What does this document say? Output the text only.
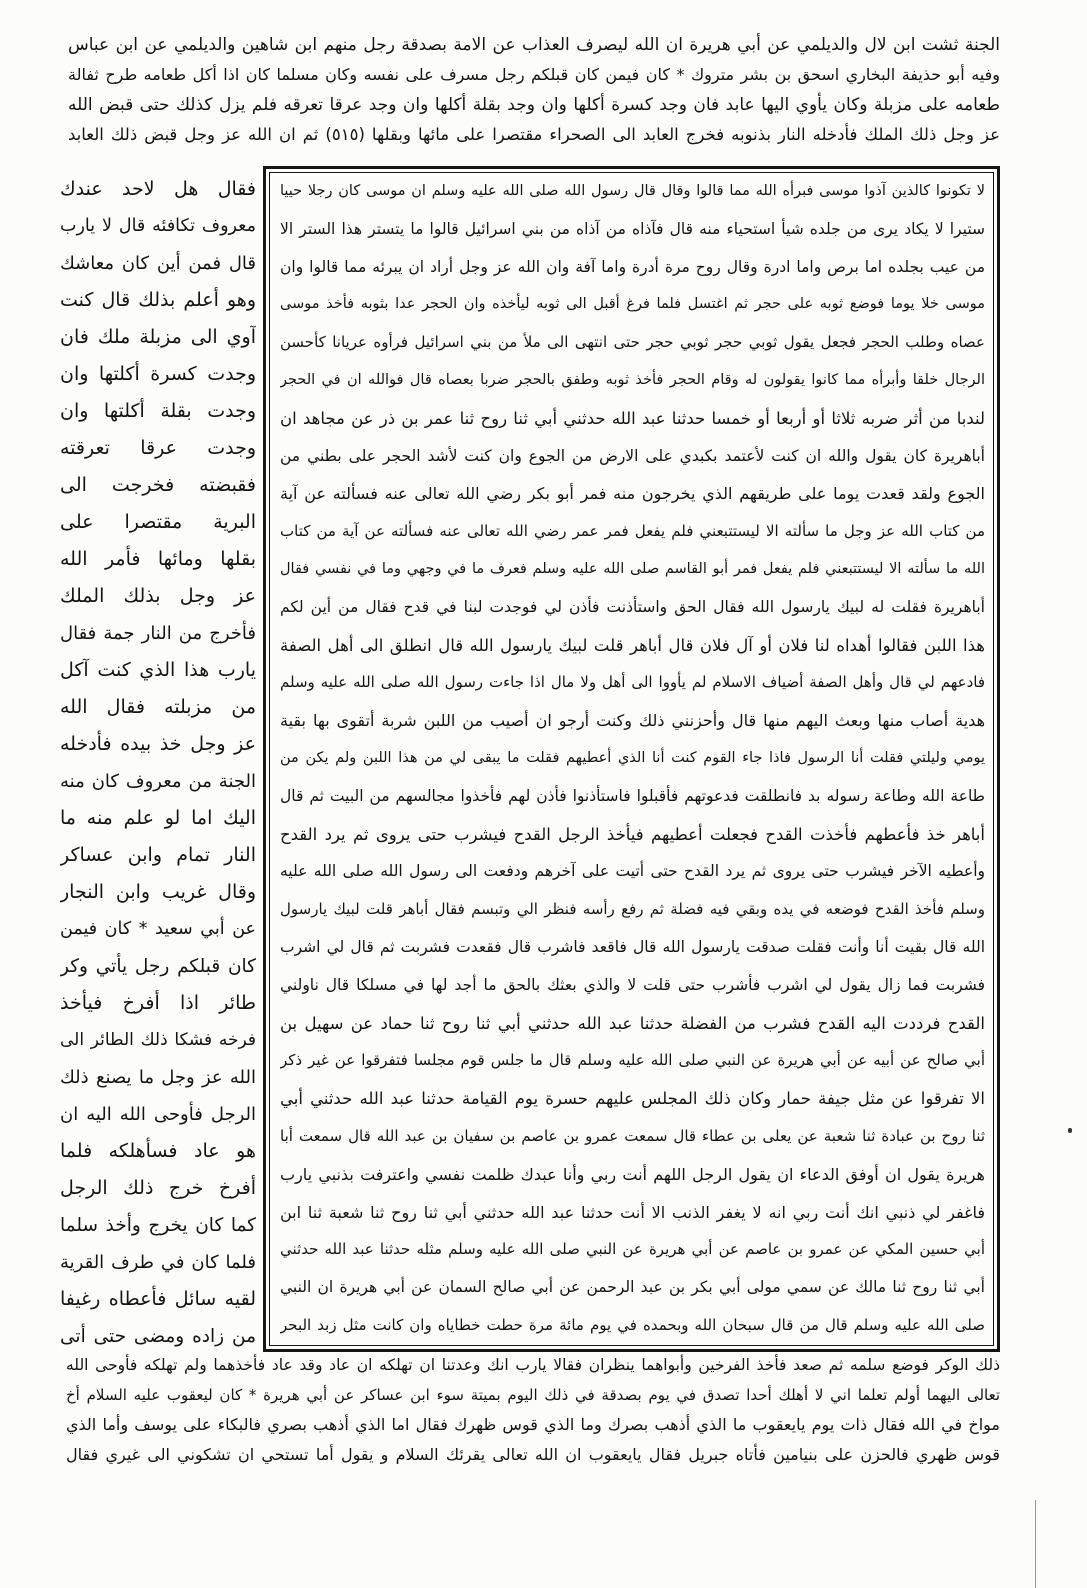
الجنة ثشت ابن لال والديلمي عن أبي هريرة ان الله ليصرف العذاب عن الامة بصدقة رجل منهم ابن شاهين والديلمي عن ابن عباس
وفيه أبو حذيفة البخاري اسحق بن بشر متروك * كان فيمن كان قبلكم رجل مسرف على نفسه وكان مسلما كان اذا أكل طعامه طرح ثفالة
طعامه على مزبلة وكان يأوي اليها عابد فان وجد كسرة أكلها وان وجد بقلة أكلها وان وجد عرقا تعرقه فلم يزل كذلك حتى قبض الله
عز وجل ذلك الملك فأدخله النار بذنوبه فخرج العابد الى الصحراء مقتصرا على مائها وبقلها (٥١٥) ثم ان الله عز وجل قبض ذلك العابد
لا تكونوا كالذين آذوا موسى فبرأه الله مما قالوا وقال قال رسول الله صلى الله عليه وسلم ان موسى كان رجلا حييا
ستيرا لا يكاد يرى من جلده شيأ استحياء منه قال فآذاه من آذاه من بني اسرائيل قالوا ما يتستر هذا الستر الا
من عيب بجلده اما برص واما ادرة وقال روح مرة أدرة واما آفة وان الله عز وجل أراد ان يبرئه مما قالوا وان
موسى خلا يوما فوضع ثوبه على حجر ثم اغتسل فلما فرغ أقبل الى ثوبه ليأخذه وان الحجر عدا بثوبه فأخذ موسى
عصاه وطلب الحجر فجعل يقول ثوبي حجر ثوبي حجر حتى انتهى الى ملأ من بني اسرائيل فرأوه عريانا كأحسن
الرجال خلقا وأبرأه مما كانوا يقولون له وقام الحجر فأخذ ثوبه وطفق بالحجر ضربا بعصاه قال فوالله ان في الحجر
لندبا من أثر ضربه ثلاثا أو أربعا أو خمسا حدثنا عبد الله حدثني أبي ثنا روح ثنا عمر بن ذر عن مجاهد ان
أباهريرة كان يقول والله ان كنت لأعتمد بكبدي على الارض من الجوع وان كنت لأشد الحجر على بطني من
الجوع ولقد قعدت يوما على طريقهم الذي يخرجون منه فمر أبو بكر رضي الله تعالى عنه فسألته عن آية
من كتاب الله عز وجل ما سألته الا ليستتبعني فلم يفعل فمر عمر رضي الله تعالى عنه فسألته عن آية من كتاب
الله ما سألته الا ليستتبعني فلم يفعل فمر أبو القاسم صلى الله عليه وسلم فعرف ما في وجهي وما في نفسي فقال
أباهريرة فقلت له لبيك يارسول الله فقال الحق واستأذنت فأذن لي فوجدت لبنا في قدح فقال من أين لكم
هذا اللبن فقالوا أهداه لنا فلان أو آل فلان قال أباهر قلت لبيك يارسول الله قال انطلق الى أهل الصفة
فادعهم لي قال وأهل الصفة أضياف الاسلام لم يأووا الى أهل ولا مال اذا جاءت رسول الله صلى الله عليه وسلم
هدية أصاب منها وبعث اليهم منها قال وأحزنني ذلك وكنت أرجو ان أصيب من اللبن شربة أتقوى بها بقية
يومي وليلتي فقلت أنا الرسول فاذا جاء القوم كنت أنا الذي أعطيهم فقلت ما يبقى لي من هذا اللبن ولم يكن من
طاعة الله وطاعة رسوله بد فانطلقت فدعوتهم فأقبلوا فاستأذنوا فأذن لهم فأخذوا مجالسهم من البيت ثم قال
أباهر خذ فأعطهم فأخذت القدح فجعلت أعطيهم فيأخذ الرجل القدح فيشرب حتى يروى ثم يرد القدح
وأعطيه الآخر فيشرب حتى يروى ثم يرد القدح حتى أتيت على آخرهم ودفعت الى رسول الله صلى الله عليه
وسلم فأخذ القدح فوضعه في يده وبقي فيه فضلة ثم رفع رأسه فنظر الي وتبسم فقال أباهر قلت لبيك يارسول
الله قال بقيت أنا وأنت فقلت صدقت يارسول الله قال فاقعد فاشرب قال فقعدت فشربت ثم قال لي اشرب
فشربت فما زال يقول لي اشرب فأشرب حتى قلت لا والذي بعثك بالحق ما أجد لها في مسلكا قال ناولني
القدح فرددت اليه القدح فشرب من الفضلة حدثنا عبد الله حدثني أبي ثنا روح ثنا حماد عن سهيل بن
أبي صالح عن أبيه عن أبي هريرة عن النبي صلى الله عليه وسلم قال ما جلس قوم مجلسا فتفرقوا عن غير ذكر
الا تفرقوا عن مثل جيفة حمار وكان ذلك المجلس عليهم حسرة يوم القيامة حدثنا عبد الله حدثني أبي
ثنا روح بن عبادة ثنا شعبة عن يعلى بن عطاء قال سمعت عمرو بن عاصم بن سفيان بن عبد الله قال سمعت أبا
هريرة يقول ان أوفق الدعاء ان يقول الرجل اللهم أنت ربي وأنا عبدك ظلمت نفسي واعترفت بذنبي يارب
فاغفر لي ذنبي انك أنت ربي انه لا يغفر الذنب الا أنت حدثنا عبد الله حدثني أبي ثنا روح ثنا شعبة ثنا ابن
أبي حسين المكي عن عمرو بن عاصم عن أبي هريرة عن النبي صلى الله عليه وسلم مثله حدثنا عبد الله حدثني
أبي ثنا روح ثنا مالك عن سمي مولى أبي بكر بن عبد الرحمن عن أبي صالح السمان عن أبي هريرة ان النبي
صلى الله عليه وسلم قال من قال سبحان الله وبحمده في يوم مائة مرة حطت خطاياه وان كانت مثل زبد البحر
فقال هل لاحد عندك
معروف تكافئه قال لا يارب
قال فمن أين كان معاشك
وهو أعلم بذلك قال كنت
آوي الى مزبلة ملك فان
وجدت كسرة أكلتها وان
وجدت بقلة أكلتها وان
وجدت عرقا تعرقته
فقبضته فخرجت الى
البرية مقتصرا على
بقلها ومائها فأمر الله
عز وجل بذلك الملك
فأخرج من النار جمة فقال
يارب هذا الذي كنت آكل
من مزبلته فقال الله
عز وجل خذ بيده فأدخله
الجنة من معروف كان منه
اليك اما لو علم منه ما
النار تمام وابن عساكر
وقال غريب وابن النجار
عن أبي سعيد * كان فيمن
كان قبلكم رجل يأتي وكر
طائر اذا أفرخ فيأخذ
فرخه فشكا ذلك الطائر الى
الله عز وجل ما يصنع ذلك
الرجل فأوحى الله اليه ان
هو عاد فسأهلكه فلما
أفرخ خرج ذلك الرجل
كما كان يخرج وأخذ سلما
فلما كان في طرف القرية
لقيه سائل فأعطاه رغيفا
من زاده ومضى حتى أتى
ذلك الوكر فوضع سلمه ثم صعد فأخذ الفرخين وأبواهما ينظران فقالا يارب انك وعدتنا ان تهلكه ان عاد وقد عاد فأخذهما ولم تهلكه فأوحى الله
تعالى اليهما أولم تعلما اني لا أهلك أحدا تصدق في يوم بصدقة في ذلك اليوم بميتة سوء ابن عساكر عن أبي هريرة * كان ليعقوب عليه السلام أخ
مواخ في الله فقال ذات يوم يايعقوب ما الذي أذهب بصرك وما الذي قوس ظهرك فقال اما الذي أذهب بصري فالبكاء على يوسف وأما الذي
قوس ظهري فالحزن على بنيامين فأتاه جبريل فقال يايعقوب ان الله تعالى يقرئك السلام و يقول أما تستحي ان تشكوني الى غيري فقال
